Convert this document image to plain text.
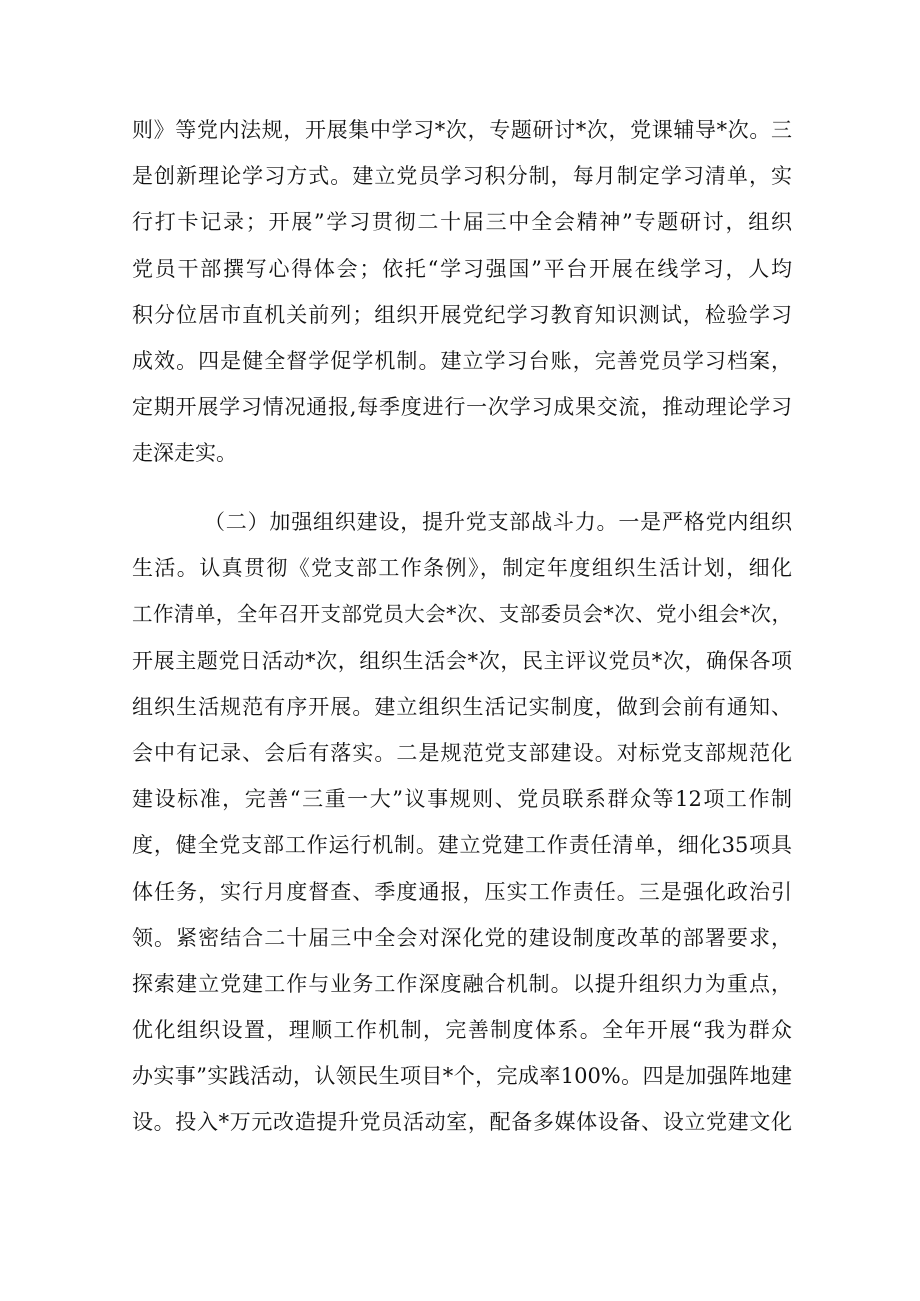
则》等党内法规，开展集中学习*次，专题研讨*次，党课辅导*次。三
是创新理论学习方式。建立党员学习积分制，每月制定学习清单，实
行打卡记录；开展”学习贯彻二十届三中全会精神”专题研讨，组织
党员干部撰写心得体会；依托“学习强国”平台开展在线学习，人均
积分位居市直机关前列；组织开展党纪学习教育知识测试，检验学习
成效。四是健全督学促学机制。建立学习台账，完善党员学习档案，
定期开展学习情况通报,每季度进行一次学习成果交流，推动理论学习
走深走实。
（二）加强组织建设，提升党支部战斗力。一是严格党内组织
生活。认真贯彻《党支部工作条例》，制定年度组织生活计划，细化
工作清单，全年召开支部党员大会*次、支部委员会*次、党小组会*次，
开展主题党日活动*次，组织生活会*次，民主评议党员*次，确保各项
组织生活规范有序开展。建立组织生活记实制度，做到会前有通知、
会中有记录、会后有落实。二是规范党支部建设。对标党支部规范化
建设标准，完善“三重一大”议事规则、党员联系群众等12项工作制
度，健全党支部工作运行机制。建立党建工作责任清单，细化35项具
体任务，实行月度督查、季度通报，压实工作责任。三是强化政治引
领。紧密结合二十届三中全会对深化党的建设制度改革的部署要求，
探索建立党建工作与业务工作深度融合机制。以提升组织力为重点，
优化组织设置，理顺工作机制，完善制度体系。全年开展“我为群众
办实事”实践活动，认领民生项目*个，完成率100%。四是加强阵地建
设。投入*万元改造提升党员活动室，配备多媒体设备、设立党建文化
